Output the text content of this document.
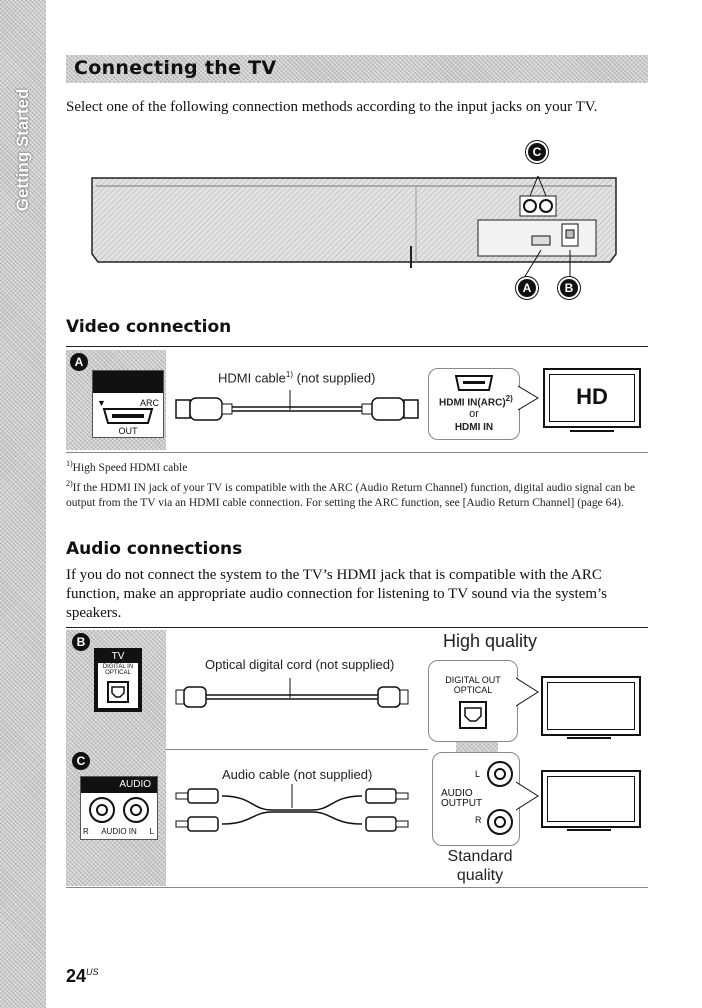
Getting Started
Connecting the TV
Select one of the following connection methods according to the input jacks on your TV.
C
A	B
Video connection
A
▼	ARC
OUT
HDMI cable$^{1)}$ (not supplied)
HDMI IN(ARC)$^{2)}$
or
HDMI IN
HD

$^{1)}$High Speed HDMI cable

$^{2)}$If the HDMI IN jack of your TV is compatible with the ARC (Audio Return Channel) function, digital audio signal can be output from the TV via an HDMI cable connection. For setting the ARC function, see [Audio Return Channel] (page 64).

Audio connections
If you do not connect the system to the TV’s HDMI jack that is compatible with the ARC function, make an appropriate audio connection for listening to TV sound via the system’s speakers.
B
TV
DIGITAL IN
OPTICAL
High quality
Optical digital cord (not supplied)
DIGITAL OUT
OPTICAL
C
AUDIO
R	AUDIO IN	L
Audio cable (not supplied)	L
AUDIO
OUTPUT
R
Standard quality
$24^{US}$
